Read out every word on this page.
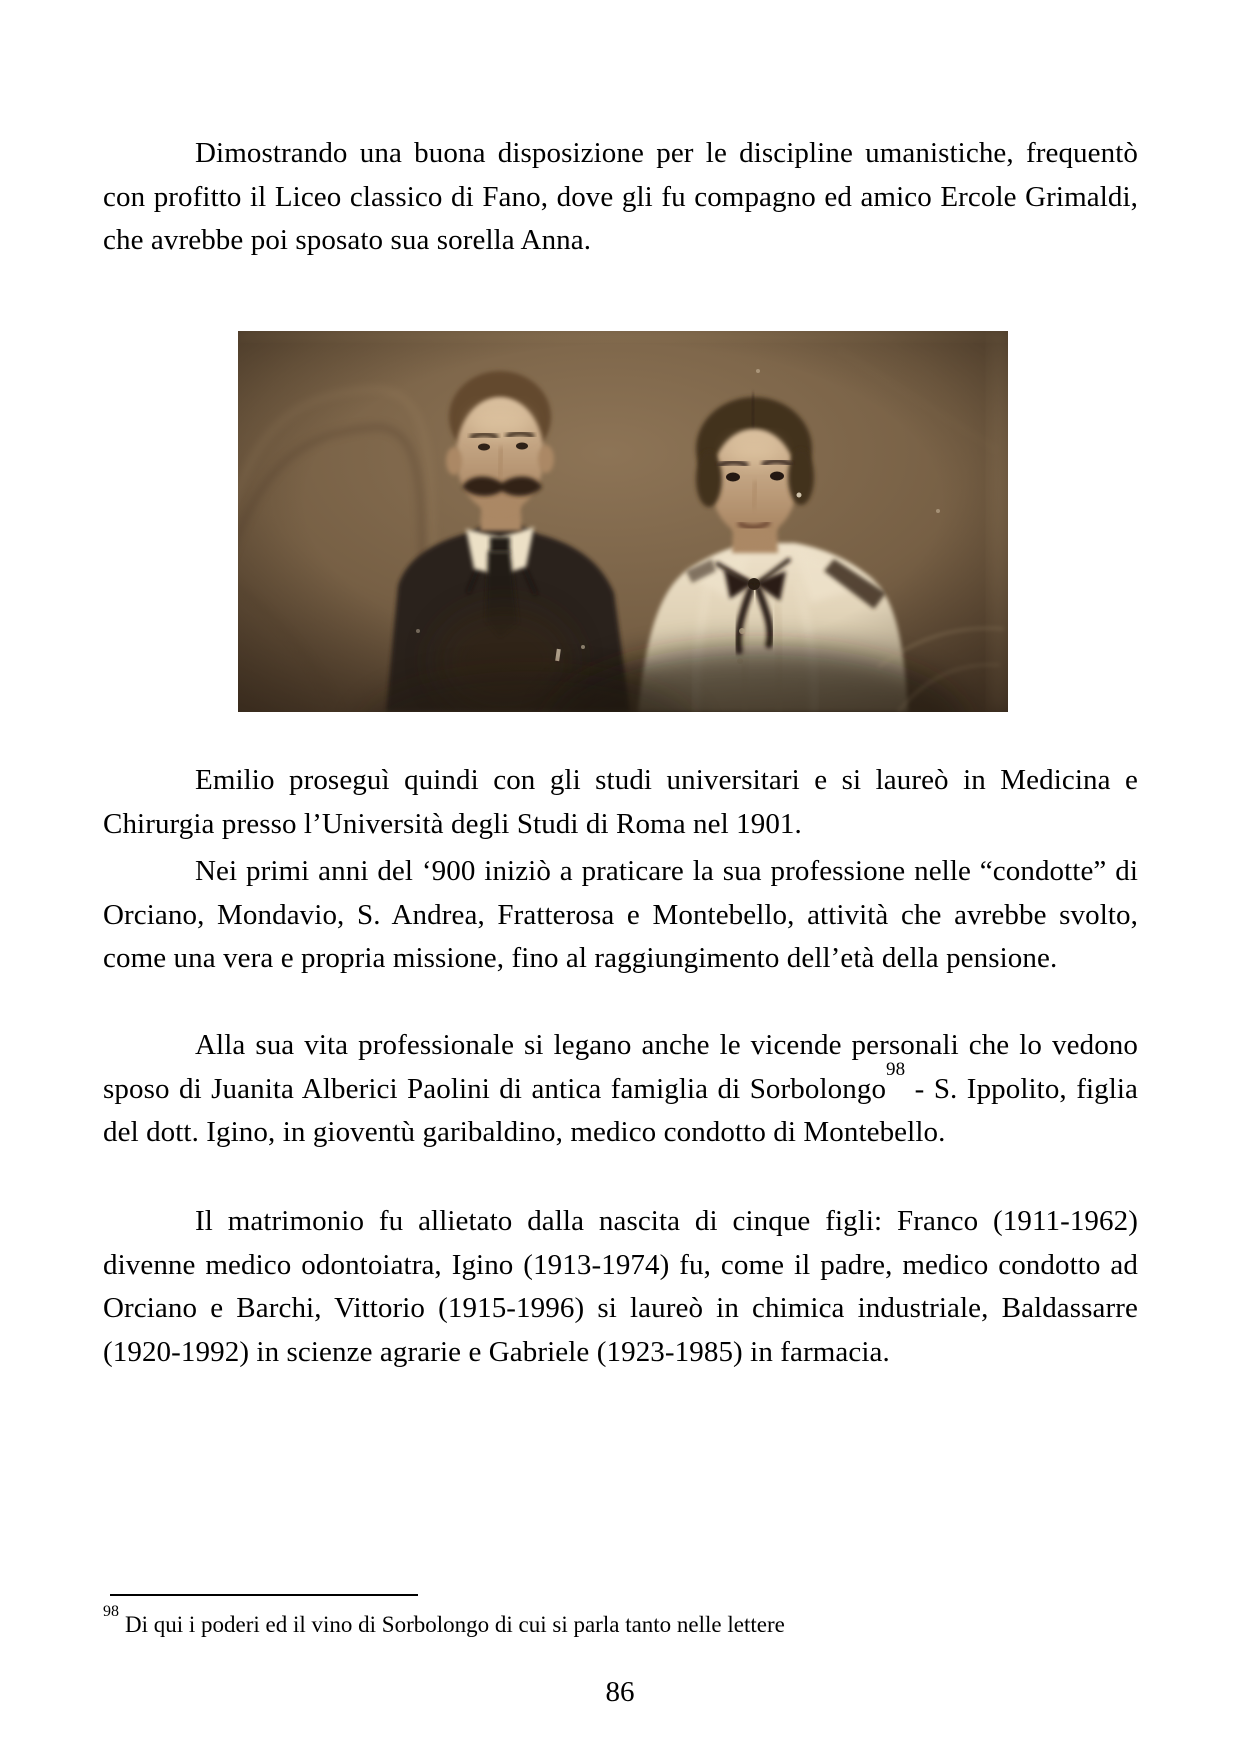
Dimostrando una buona disposizione per le discipline umanistiche, frequentò con profitto il Liceo classico di Fano, dove gli fu compagno ed amico Ercole Grimaldi, che avrebbe poi sposato sua sorella Anna.

Emilio proseguì quindi con gli studi universitari e si laureò in Medicina e Chirurgia presso l’Università degli Studi di Roma nel 1901.

Nei primi anni del ‘900 iniziò a praticare la sua professione nelle “condotte” di Orciano, Mondavio, S. Andrea, Fratterosa e Montebello, attività che avrebbe svolto, come una vera e propria missione, fino al raggiungimento dell’età della pensione.

Alla sua vita professionale si legano anche le vicende personali che lo vedono sposo di Juanita Alberici Paolini di antica famiglia di Sorbolongo$^{98}$ - S. Ippolito, figlia del dott. Igino, in gioventù garibaldino, medico condotto di Montebello.

Il matrimonio fu allietato dalla nascita di cinque figli: Franco (1911-1962) divenne medico odontoiatra, Igino (1913-1974) fu, come il padre, medico condotto ad Orciano e Barchi, Vittorio (1915-1996) si laureò in chimica industriale, Baldassarre (1920-1992) in scienze agrarie e Gabriele (1923-1985) in farmacia.

$^{98}$Di qui i poderi ed il vino di Sorbolongo di cui si parla tanto nelle lettere

86
